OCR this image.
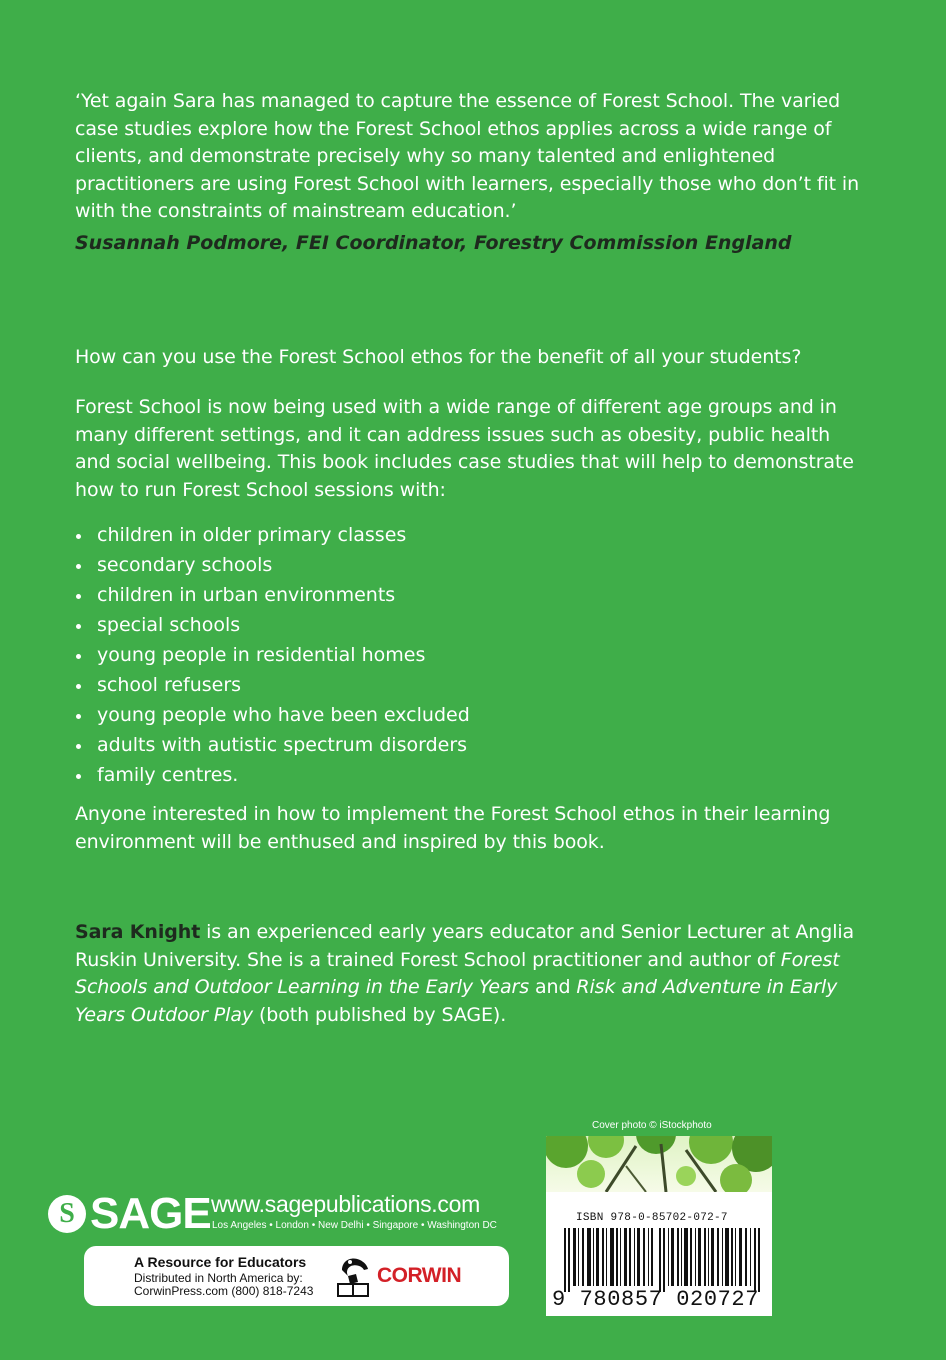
‘Yet again Sara has managed to capture the essence of Forest School. The varied case studies explore how the Forest School ethos applies across a wide range of clients, and demonstrate precisely why so many talented and enlightened practitioners are using Forest School with learners, especially those who don’t fit in with the constraints of mainstream education.’

Susannah Podmore, FEI Coordinator, Forestry Commission England

How can you use the Forest School ethos for the benefit of all your students?

Forest School is now being used with a wide range of different age groups and in many different settings, and it can address issues such as obesity, public health and social wellbeing. This book includes case studies that will help to demonstrate how to run Forest School sessions with:

children in older primary classes
secondary schools
children in urban environments
special schools
young people in residential homes
school refusers
young people who have been excluded
adults with autistic spectrum disorders
family centres.

Anyone interested in how to implement the Forest School ethos in their learning environment will be enthused and inspired by this book.

Sara Knight is an experienced early years educator and Senior Lecturer at Anglia Ruskin University. She is a trained Forest School practitioner and author of Forest Schools and Outdoor Learning in the Early Years and Risk and Adventure in Early Years Outdoor Play (both published by SAGE).

S SAGE www.sagepublications.com
Los Angeles • London • New Delhi • Singapore • Washington DC
A Resource for Educators
Distributed in North America by:
CorwinPress.com (800) 818-7243
CORWIN
Cover photo © iStockphoto
ISBN 978-0-85702-072-7
9 780857 020727
